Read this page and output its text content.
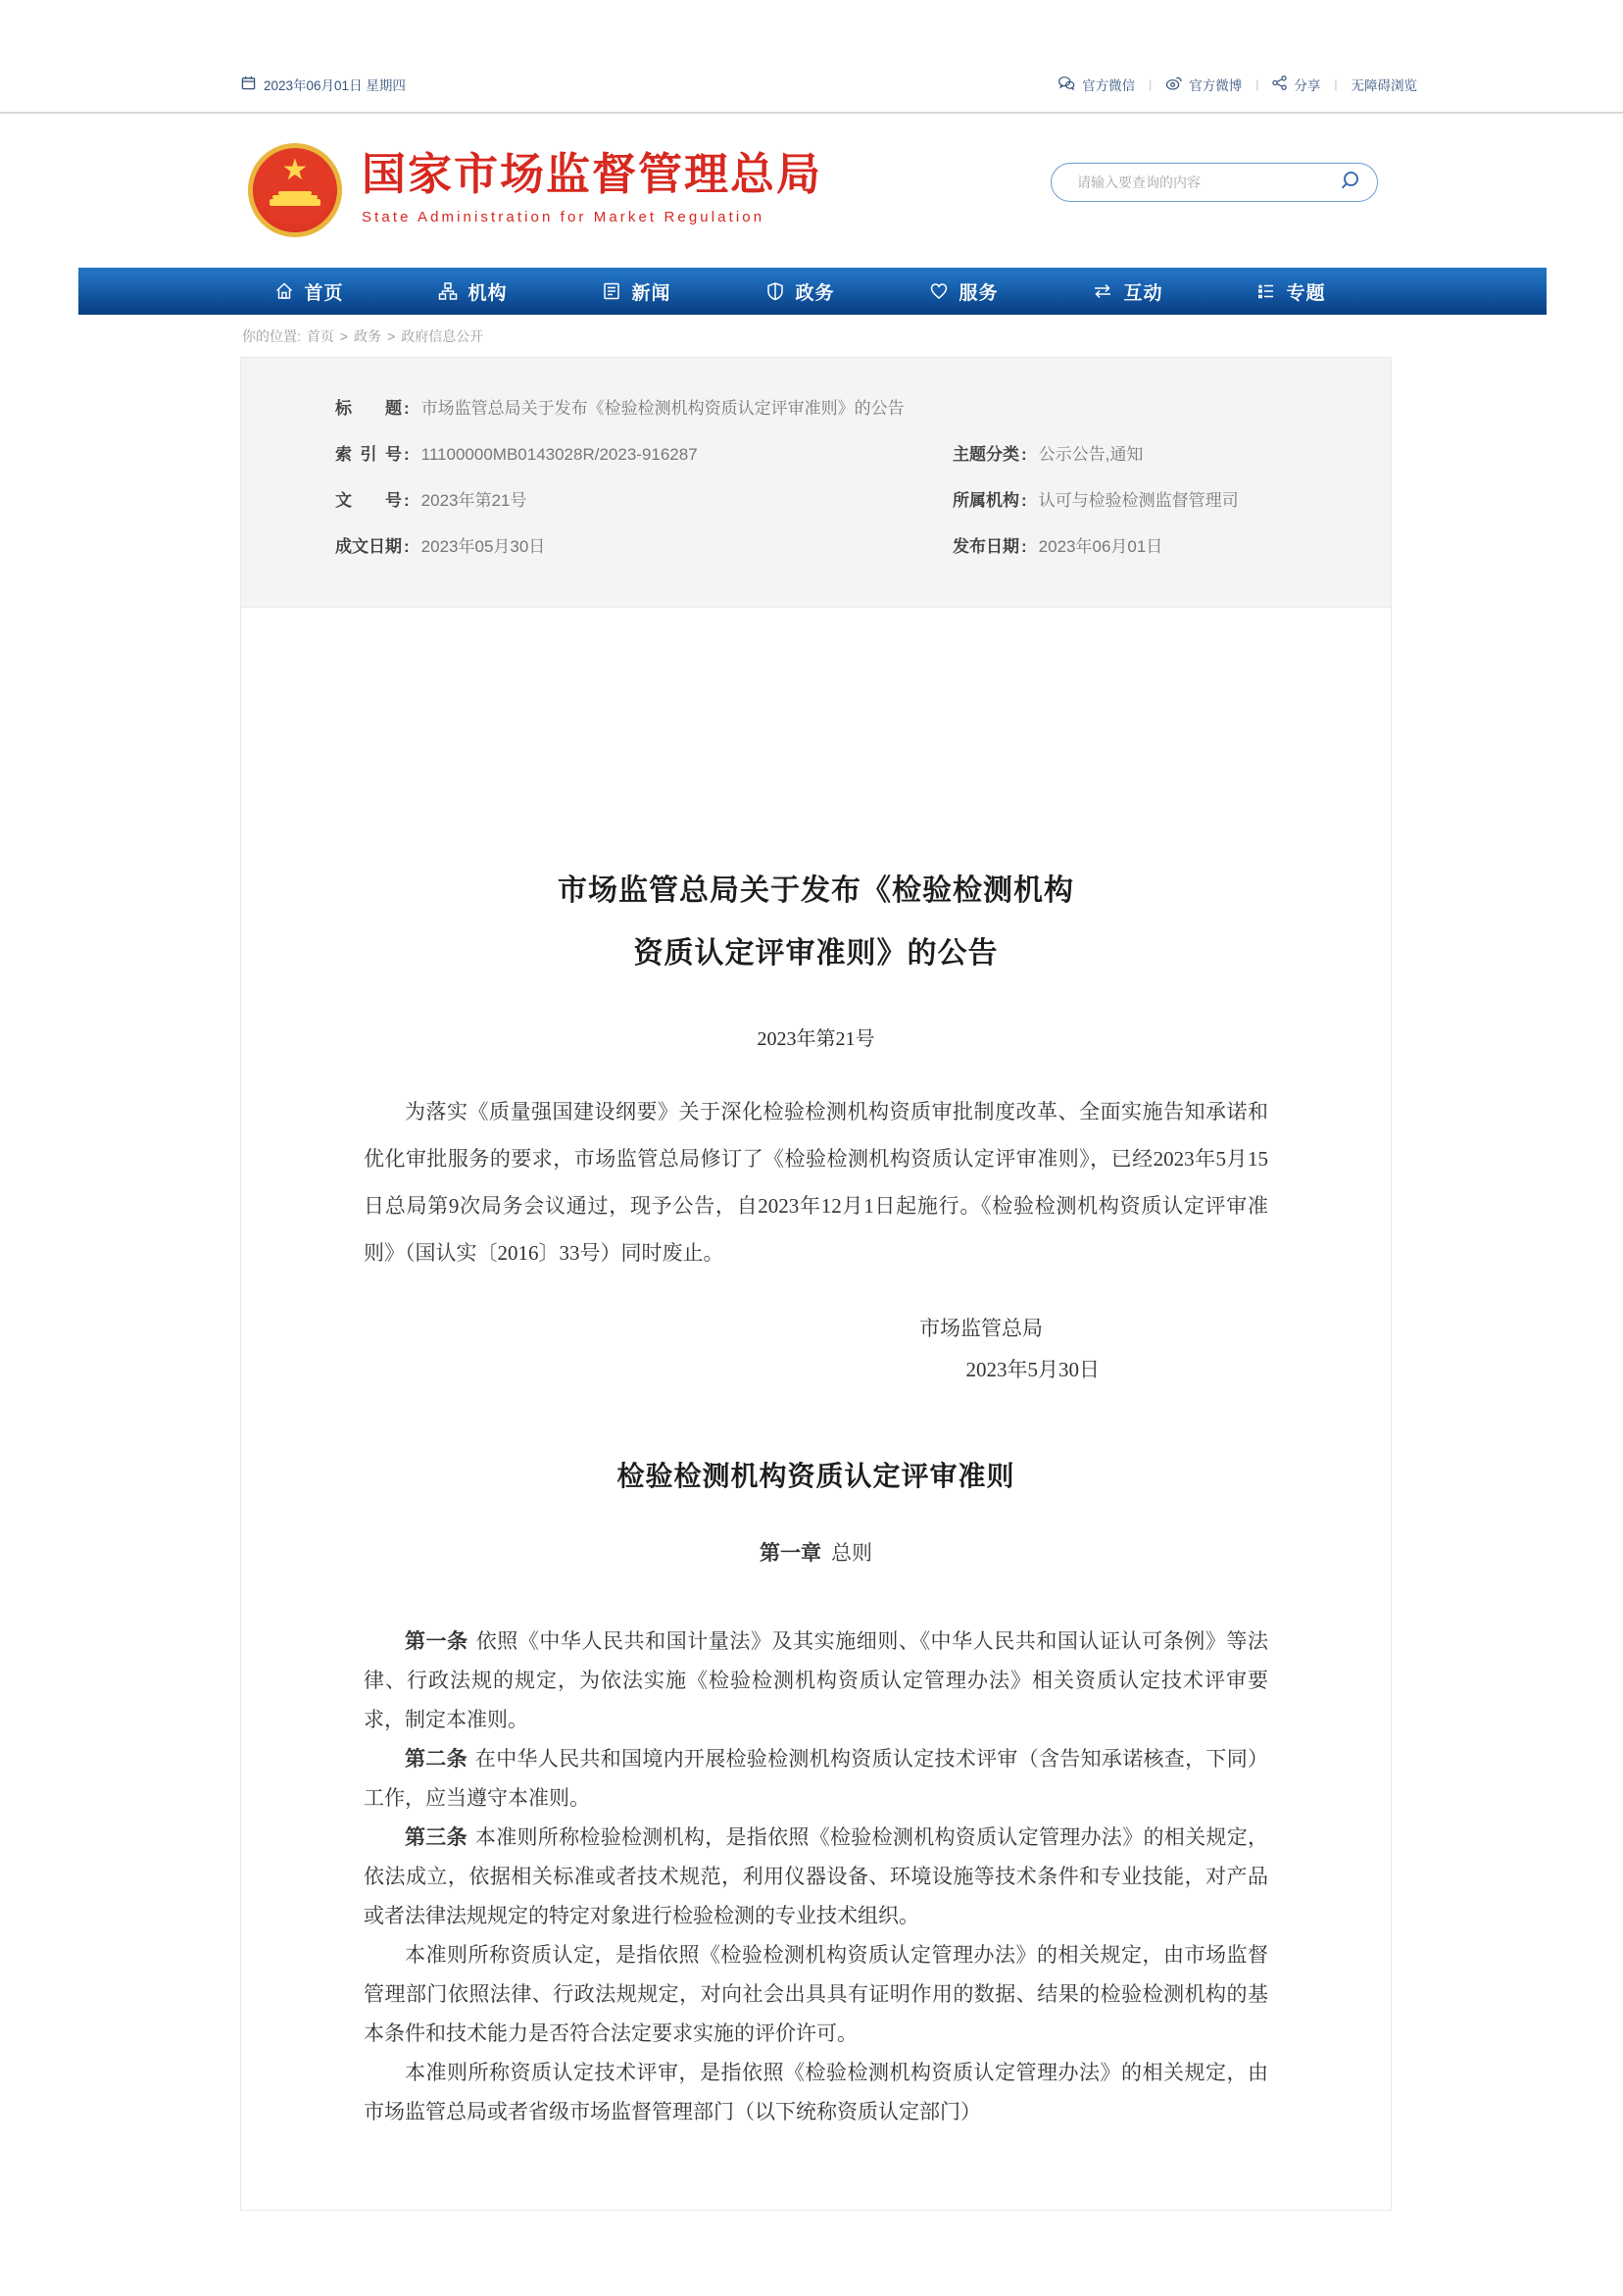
2023年06月01日 星期四	官方微信 |	官方微博 |	分享 | 无障碍浏览
★ 国家市场监督管理总局
State Administration for Market Regulation
请输入要查询的内容
首页	机构	新闻	政务	服务	互动	专题
你的位置: 首页 > 政务 > 政府信息公开
标题 : 市场监管总局关于发布《检验检测机构资质认定评审准则》的公告
索引号 : 11100000MB0143028R/2023-916287	主题分类 : 公示公告,通知
文号 : 2023年第21号	所属机构 : 认可与检验检测监督管理司
成文日期 : 2023年05月30日	发布日期 : 2023年06月01日
市场监管总局关于发布《检验检测机构
资质认定评审准则》的公告
2023年第21号

为落实《质量强国建设纲要》关于深化检验检测机构资质审批制度改革、全面实施告知承诺和优化审批服务的要求，市场监管总局修订了《检验检测机构资质认定评审准则》，已经2023年5月15日总局第9次局务会议通过，现予公告，自2023年12月1日起施行。《检验检测机构资质认定评审准则》（国认实〔2016〕33号）同时废止。

市场监管总局
2023年5月30日
检验检测机构资质认定评审准则
第一章 总则

第一条 依照《中华人民共和国计量法》及其实施细则、《中华人民共和国认证认可条例》等法律、行政法规的规定，为依法实施《检验检测机构资质认定管理办法》相关资质认定技术评审要求，制定本准则。

第二条 在中华人民共和国境内开展检验检测机构资质认定技术评审（含告知承诺核查，下同）工作，应当遵守本准则。

第三条 本准则所称检验检测机构，是指依照《检验检测机构资质认定管理办法》的相关规定，依法成立，依据相关标准或者技术规范，利用仪器设备、环境设施等技术条件和专业技能，对产品或者法律法规规定的特定对象进行检验检测的专业技术组织。

本准则所称资质认定，是指依照《检验检测机构资质认定管理办法》的相关规定，由市场监督管理部门依照法律、行政法规规定，对向社会出具具有证明作用的数据、结果的检验检测机构的基本条件和技术能力是否符合法定要求实施的评价许可。

本准则所称资质认定技术评审，是指依照《检验检测机构资质认定管理办法》的相关规定，由市场监管总局或者省级市场监督管理部门（以下统称资质认定部门）
